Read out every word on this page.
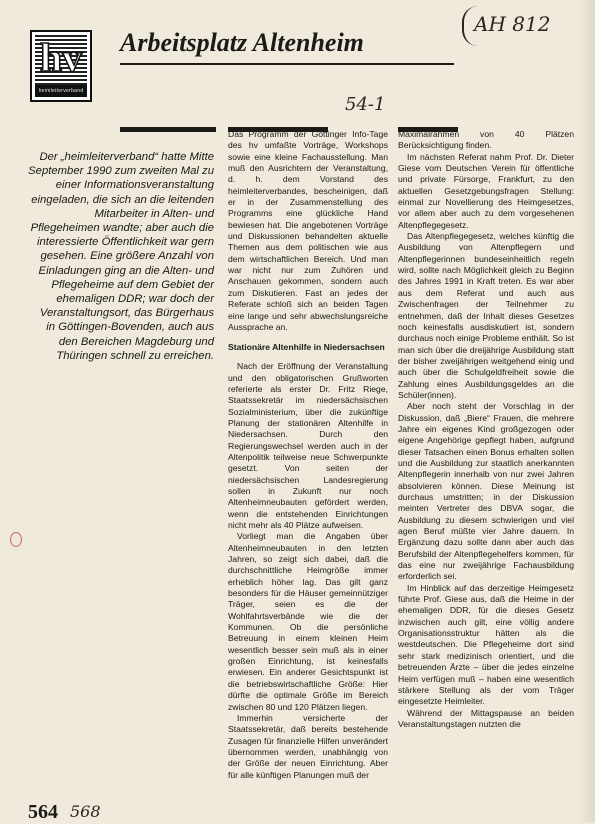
hv
heimleiterverband
Arbeitsplatz Altenheim
AH 812
54-1
Der „heimleiterverband“ hatte Mitte September 1990 zum zweiten Mal zu einer Informationsveranstaltung eingeladen, die sich an die leitenden Mitarbeiter in Alten- und Pflegeheimen wandte; aber auch die interessierte Öffentlichkeit war gern gesehen. Eine größere Anzahl von Einladungen ging an die Alten- und Pflegeheime auf dem Gebiet der ehemaligen DDR; war doch der Veranstaltungsort, das Bürgerhaus in Göttingen-Bovenden, auch aus den Bereichen Magdeburg und Thüringen schnell zu erreichen.

Das Programm der Göttinger Info-Tage des hv umfaßte Vorträge, Workshops sowie eine kleine Fachausstellung. Man muß den Ausrichtern der Veranstaltung, d. h. dem Vorstand des heimleiterverbandes, bescheinigen, daß er in der Zusammenstellung des Programms eine glückliche Hand bewiesen hat. Die angebotenen Vorträge und Diskussionen behandelten aktuelle Themen aus dem politischen wie aus dem wirtschaftlichen Bereich. Und man war nicht nur zum Zuhören und Anschauen gekommen, sondern auch zum Diskutieren. Fast an jedes der Referate schloß sich an beiden Tagen eine lange und sehr abwechslungsreiche Aussprache an.

Stationäre Altenhilfe in Niedersachsen

Nach der Eröffnung der Veranstaltung und den obligatorischen Grußworten referierte als erster Dr. Fritz Riege, Staatssekretär im niedersächsischen Sozialministerium, über die zukünftige Planung der stationären Altenhilfe in Niedersachsen. Durch den Regierungswechsel werden auch in der Altenpolitik teilweise neue Schwerpunkte gesetzt. Von seiten der niedersächsischen Landesregierung sollen in Zukunft nur noch Altenheimneubauten gefördert werden, wenn die entstehenden Einrichtungen nicht mehr als 40 Plätze aufweisen.

Vorliegt man die Angaben über Altenheimneubauten in den letzten Jahren, so zeigt sich dabei, daß die durchschnittliche Heimgröße immer erheblich höher lag. Das gilt ganz besonders für die Häuser gemeinnütziger Träger, seien es die der Wohlfahrtsverbände wie die der Kommunen. Ob die persönliche Betreuung in einem kleinen Heim wesentlich besser sein muß als in einer großen Einrichtung, ist keinesfalls erwiesen. Ein anderer Gesichtspunkt ist die betriebswirtschaftliche Größe: Hier dürfte die optimale Größe im Bereich zwischen 80 und 120 Plätzen liegen.

Immerhin versicherte der Staatssekretär, daß bereits bestehende Zusagen für finanzielle Hilfen unverändert übernommen werden, unabhängig von der Größe der neuen Einrichtung. Aber für alle künftigen Planungen muß der

Maximalrahmen von 40 Plätzen Berücksichtigung finden.

Im nächsten Referat nahm Prof. Dr. Dieter Giese vom Deutschen Verein für öffentliche und private Fürsorge, Frankfurt, zu den aktuellen Gesetzgebungsfragen Stellung: einmal zur Novellierung des Heimgesetzes, vor allem aber auch zu dem vorgesehenen Altenpflegegesetz.

Das Altenpflegegesetz, welches künftig die Ausbildung von Altenpflegern und Altenpflegerinnen bundeseinheitlich regeln wird, sollte nach Möglichkeit gleich zu Beginn des Jahres 1991 in Kraft treten. Es war aber aus dem Referat und auch aus Zwischenfragen der Teilnehmer zu entnehmen, daß der Inhalt dieses Gesetzes noch keinesfalls ausdiskutiert ist, sondern durchaus noch einige Probleme enthält. So ist man sich über die dreijährige Ausbildung statt der bisher zweijährigen weitgehend einig und auch über die Schulgeldfreiheit sowie die Zahlung eines Ausbildungsgeldes an die Schüler(innen).

Aber noch steht der Vorschlag in der Diskussion, daß „Biere“ Frauen, die mehrere Jahre ein eigenes Kind großgezogen oder eigene Angehörige gepflegt haben, aufgrund dieser Tatsachen einen Bonus erhalten sollen und die Ausbildung zur staatlich anerkannten Altenpflegerin innerhalb von nur zwei Jahren absolvieren können. Diese Meinung ist durchaus umstritten; in der Diskussion meinten Vertreter des DBVA sogar, die Ausbildung zu diesem schwierigen und viel agen Beruf müßte vier Jahre dauern. In Ergänzung dazu sollte dann aber auch das Berufsbild der Altenpflegehelfers kommen, für das eine nur zweijährige Fachausbildung erforderlich sei.

Im Hinblick auf das derzeitige Heimgesetz führte Prof. Giese aus, daß die Heime in der ehemaligen DDR, für die dieses Gesetz inzwischen auch gilt, eine völlig andere Organisationsstruktur hätten als die westdeutschen. Die Pflegeheime dort sind sehr stark medizinisch orientiert, und die betreuenden Ärzte – über die jedes einzelne Heim verfügen muß – haben eine wesentlich stärkere Stellung als der vom Träger eingesetzte Heimleiter.

Während der Mittagspause an beiden Veranstaltungstagen nutzten die

564 568
